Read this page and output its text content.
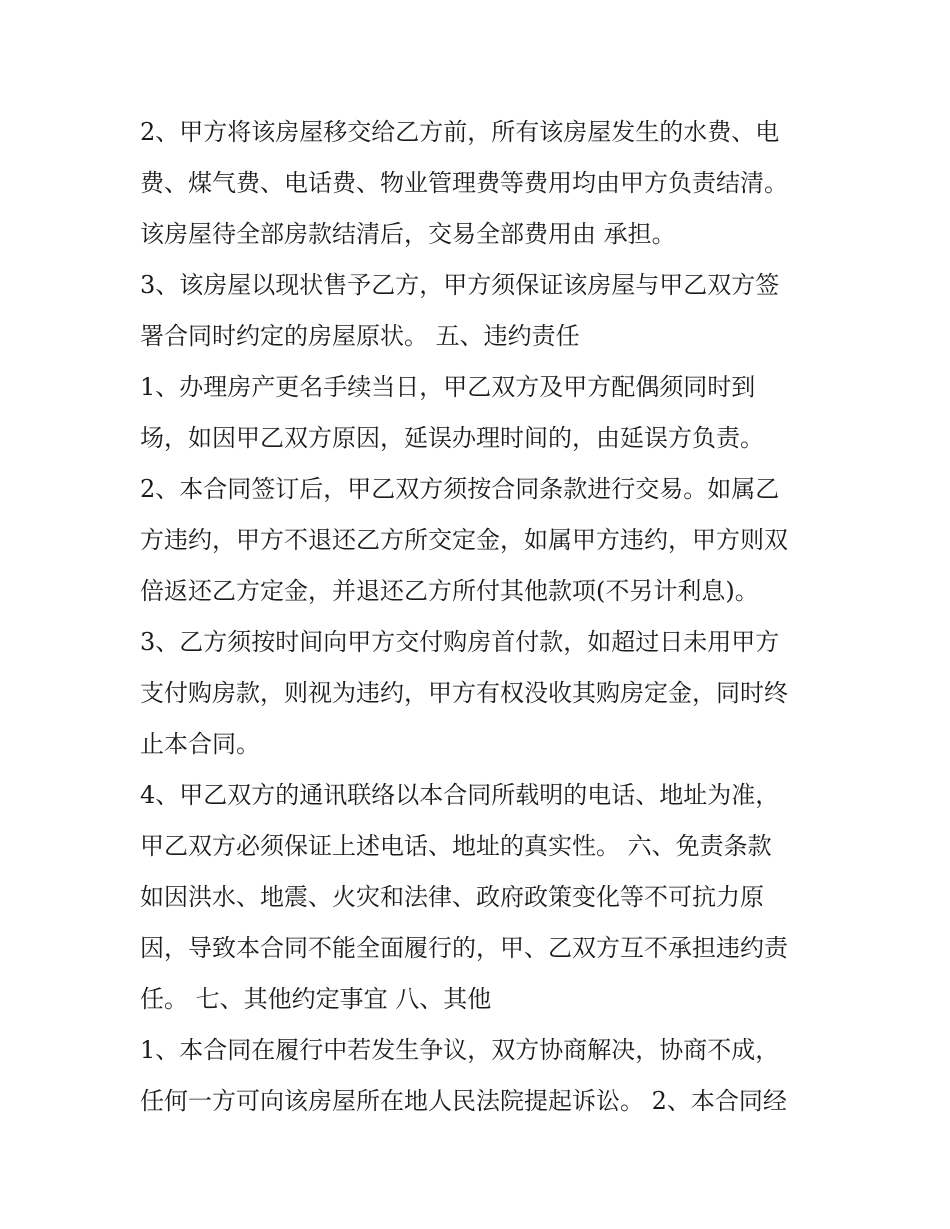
2、甲方将该房屋移交给乙方前，所有该房屋发生的水费、电
费、煤气费、电话费、物业管理费等费用均由甲方负责结清。
该房屋待全部房款结清后，交易全部费用由 承担。
3、该房屋以现状售予乙方，甲方须保证该房屋与甲乙双方签
署合同时约定的房屋原状。 五、违约责任
1、办理房产更名手续当日，甲乙双方及甲方配偶须同时到
场，如因甲乙双方原因，延误办理时间的，由延误方负责。
2、本合同签订后，甲乙双方须按合同条款进行交易。如属乙
方违约，甲方不退还乙方所交定金，如属甲方违约，甲方则双
倍返还乙方定金，并退还乙方所付其他款项(不另计利息)。
3、乙方须按时间向甲方交付购房首付款，如超过日未用甲方
支付购房款，则视为违约，甲方有权没收其购房定金，同时终
止本合同。
4、甲乙双方的通讯联络以本合同所载明的电话、地址为准，
甲乙双方必须保证上述电话、地址的真实性。 六、免责条款
如因洪水、地震、火灾和法律、政府政策变化等不可抗力原
因，导致本合同不能全面履行的，甲、乙双方互不承担违约责
任。 七、其他约定事宜 八、其他
1、本合同在履行中若发生争议，双方协商解决，协商不成，
任何一方可向该房屋所在地人民法院提起诉讼。 2、本合同经
